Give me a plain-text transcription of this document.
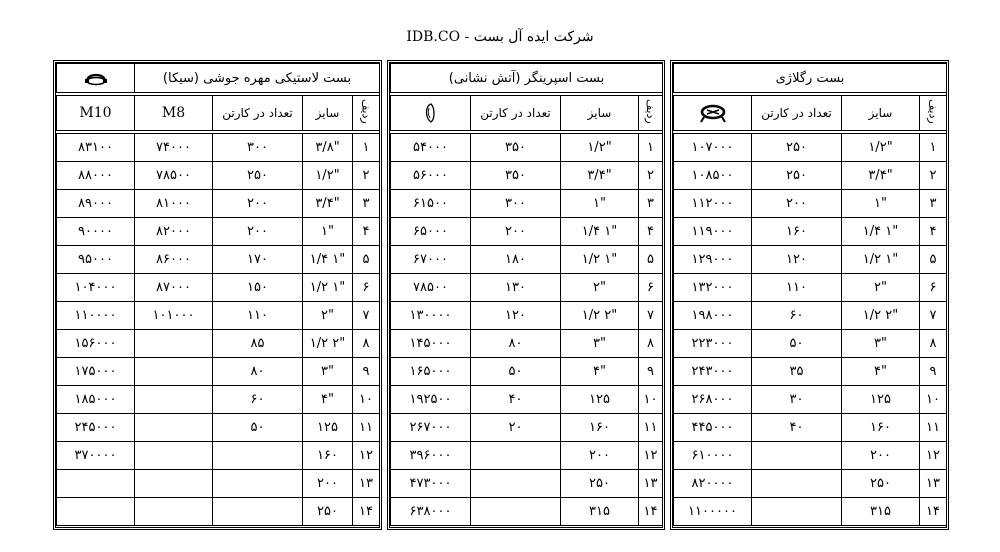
IDB.CO - شرکت ایده آل بست
	بست لاستیکی مهره جوشی (سیکا)			

M10	M8	تعداد در کارتن	سایز	ردیف

۸۳۱۰۰	۷۴۰۰۰	۳۰۰	"۳/۸	۱
۸۸۰۰۰	۷۸۵۰۰	۲۵۰	"۱/۲	۲
۸۹۰۰۰	۸۱۰۰۰	۲۰۰	"۳/۴	۳
۹۰۰۰۰	۸۲۰۰۰	۲۰۰	"۱	۴
۹۵۰۰۰	۸۶۰۰۰	۱۷۰	"۱ ۱/۴	۵
۱۰۴۰۰۰	۸۷۰۰۰	۱۵۰	"۱ ۱/۲	۶
۱۱۰۰۰۰	۱۰۱۰۰۰	۱۱۰	"۲	۷
۱۵۶۰۰۰		۸۵	"۲ ۱/۲	۸
۱۷۵۰۰۰		۸۰	"۳	۹
۱۸۵۰۰۰		۶۰	"۴	۱۰
۲۴۵۰۰۰		۵۰	۱۲۵	۱۱
۳۷۰۰۰۰			۱۶۰	۱۲
			۲۰۰	۱۳
			۲۵۰	۱۴
بست اسپرینگر (آتش نشانی)			

	تعداد در کارتن	سایز	ردیف

۵۴۰۰۰	۳۵۰	"۱/۲	۱
۵۶۰۰۰	۳۵۰	"۳/۴	۲
۶۱۵۰۰	۳۰۰	"۱	۳
۶۵۰۰۰	۲۰۰	"۱ ۱/۴	۴
۶۷۰۰۰	۱۸۰	"۱ ۱/۲	۵
۷۸۵۰۰	۱۳۰	"۲	۶
۱۳۰۰۰۰	۱۲۰	"۲ ۱/۲	۷
۱۴۵۰۰۰	۸۰	"۳	۸
۱۶۵۰۰۰	۵۰	"۴	۹
۱۹۲۵۰۰	۴۰	۱۲۵	۱۰
۲۶۷۰۰۰	۲۰	۱۶۰	۱۱
۳۹۶۰۰۰		۲۰۰	۱۲
۴۷۳۰۰۰		۲۵۰	۱۳
۶۳۸۰۰۰		۳۱۵	۱۴
بست رگلاژی			

	تعداد در کارتن	سایز	ردیف

۱۰۷۰۰۰	۲۵۰	"۱/۲	۱
۱۰۸۵۰۰	۲۵۰	"۳/۴	۲
۱۱۲۰۰۰	۲۰۰	"۱	۳
۱۱۹۰۰۰	۱۶۰	"۱ ۱/۴	۴
۱۲۹۰۰۰	۱۲۰	"۱ ۱/۲	۵
۱۳۲۰۰۰	۱۱۰	"۲	۶
۱۹۸۰۰۰	۶۰	"۲ ۱/۲	۷
۲۲۳۰۰۰	۵۰	"۳	۸
۲۴۳۰۰۰	۳۵	"۴	۹
۲۶۸۰۰۰	۳۰	۱۲۵	۱۰
۴۴۵۰۰۰	۴۰	۱۶۰	۱۱
۶۱۰۰۰۰		۲۰۰	۱۲
۸۲۰۰۰۰		۲۵۰	۱۳
۱۱۰۰۰۰۰		۳۱۵	۱۴
